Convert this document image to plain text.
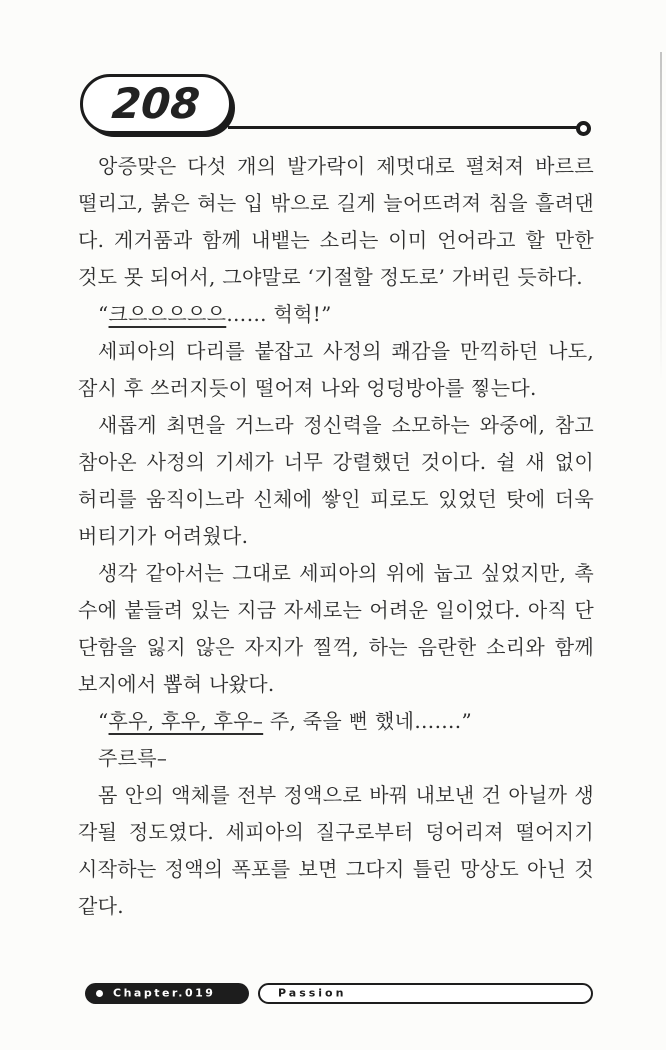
208

앙증맞은 다섯 개의 발가락이 제멋대로 펼쳐져 바르르 떨리고, 붉은 혀는 입 밖으로 길게 늘어뜨려져 침을 흘려댄다. 게거품과 함께 내뱉는 소리는 이미 언어라고 할 만한 것도 못 되어서, 그야말로 ‘기절할 정도로’ 가버린 듯하다.

“크으으으으으…… 헉헉!”

세피아의 다리를 붙잡고 사정의 쾌감을 만끽하던 나도, 잠시 후 쓰러지듯이 떨어져 나와 엉덩방아를 찧는다.

새롭게 최면을 거느라 정신력을 소모하는 와중에, 참고 참아온 사정의 기세가 너무 강렬했던 것이다. 쉴 새 없이 허리를 움직이느라 신체에 쌓인 피로도 있었던 탓에 더욱 버티기가 어려웠다.

생각 같아서는 그대로 세피아의 위에 눕고 싶었지만, 촉수에 붙들려 있는 지금 자세로는 어려운 일이었다. 아직 단단함을 잃지 않은 자지가 찔꺽, 하는 음란한 소리와 함께 보지에서 뽑혀 나왔다.

“후우, 후우, 후우– 주, 죽을 뻔 했네…….”

주르륵–

몸 안의 액체를 전부 정액으로 바꿔 내보낸 건 아닐까 생각될 정도였다. 세피아의 질구로부터 덩어리져 떨어지기 시작하는 정액의 폭포를 보면 그다지 틀린 망상도 아닌 것 같다.

Chapter.019	Passion
